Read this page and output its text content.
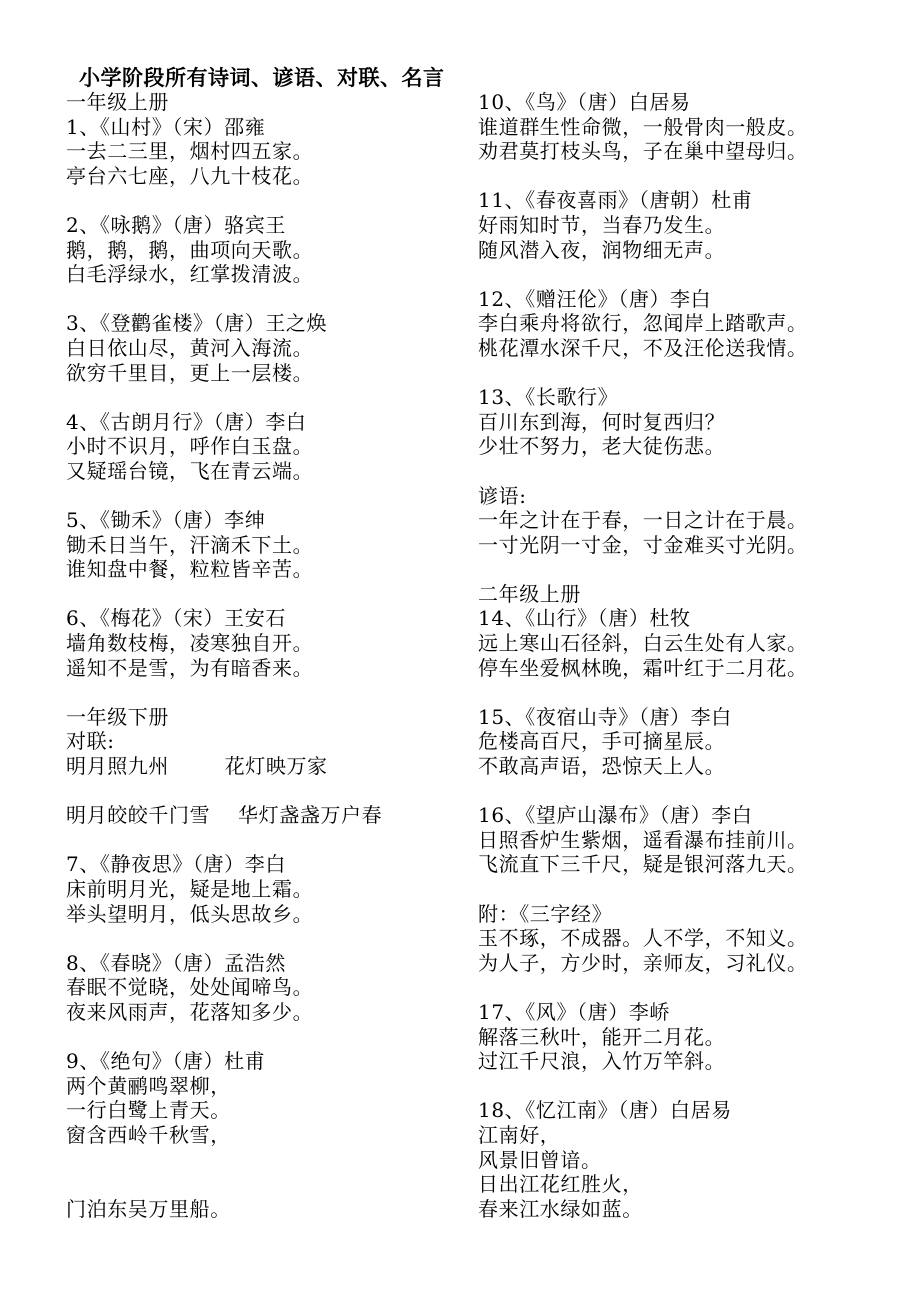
小学阶段所有诗词、谚语、对联、名言
一年级上册
1、《山村》（宋）邵雍
一去二三里，烟村四五家。
亭台六七座，八九十枝花。
2、《咏鹅》（唐）骆宾王
鹅，鹅，鹅，曲项向天歌。
白毛浮绿水，红掌拨清波。
3、《登鹳雀楼》（唐）王之焕
白日依山尽，黄河入海流。
欲穷千里目，更上一层楼。
4、《古朗月行》（唐）李白
小时不识月，呼作白玉盘。
又疑瑶台镜，飞在青云端。
5、《锄禾》（唐）李绅
锄禾日当午，汗滴禾下土。
谁知盘中餐，粒粒皆辛苦。
6、《梅花》（宋）王安石
墙角数枝梅，凌寒独自开。
遥知不是雪，为有暗香来。
一年级下册
对联:
明月照九州        花灯映万家
明月皎皎千门雪    华灯盏盏万户春
7、《静夜思》（唐）李白
床前明月光，疑是地上霜。
举头望明月，低头思故乡。
8、《春晓》（唐）孟浩然
春眠不觉晓，处处闻啼鸟。
夜来风雨声，花落知多少。
9、《绝句》（唐）杜甫
两个黄鹂鸣翠柳，
一行白鹭上青天。
窗含西岭千秋雪，
门泊东吴万里船。
10、《鸟》（唐）白居易
谁道群生性命微，一般骨肉一般皮。
劝君莫打枝头鸟，子在巢中望母归。
11、《春夜喜雨》（唐朝）杜甫
好雨知时节，当春乃发生。
随风潜入夜，润物细无声。
12、《赠汪伦》（唐）李白
李白乘舟将欲行，忽闻岸上踏歌声。
桃花潭水深千尺，不及汪伦送我情。
13、《长歌行》
百川东到海，何时复西归？
少壮不努力，老大徒伤悲。
谚语:
一年之计在于春，一日之计在于晨。
一寸光阴一寸金，寸金难买寸光阴。
二年级上册
14、《山行》（唐）杜牧
远上寒山石径斜，白云生处有人家。
停车坐爱枫林晚，霜叶红于二月花。
15、《夜宿山寺》（唐）李白
危楼高百尺，手可摘星辰。
不敢高声语，恐惊天上人。
16、《望庐山瀑布》（唐）李白
日照香炉生紫烟，遥看瀑布挂前川。
飞流直下三千尺，疑是银河落九天。
附：《三字经》
玉不琢，不成器。人不学，不知义。
为人子，方少时，亲师友，习礼仪。
17、《风》（唐）李峤
解落三秋叶，能开二月花。
过江千尺浪，入竹万竿斜。
18、《忆江南》（唐）白居易
江南好，
风景旧曾谙。
日出江花红胜火，
春来江水绿如蓝。
